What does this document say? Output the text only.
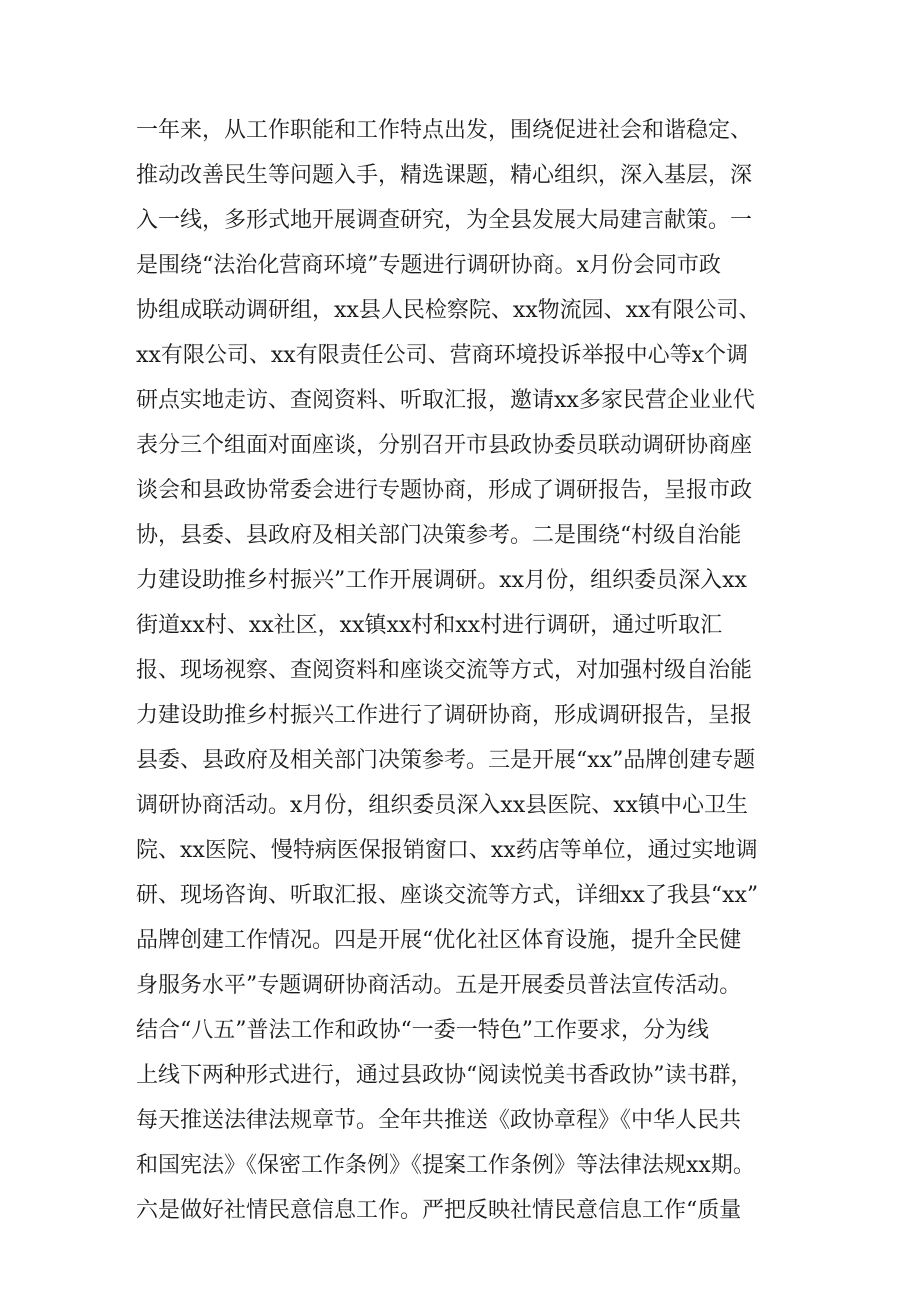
一年来，从工作职能和工作特点出发，围绕促进社会和谐稳定、
推动改善民生等问题入手，精选课题，精心组织，深入基层，深
入一线，多形式地开展调查研究，为全县发展大局建言献策。一
是围绕“法治化营商环境”专题进行调研协商。x月份会同市政
协组成联动调研组，xx县人民检察院、xx物流园、xx有限公司、
xx有限公司、xx有限责任公司、营商环境投诉举报中心等x个调
研点实地走访、查阅资料、听取汇报，邀请xx多家民营企业业代
表分三个组面对面座谈，分别召开市县政协委员联动调研协商座
谈会和县政协常委会进行专题协商，形成了调研报告，呈报市政
协，县委、县政府及相关部门决策参考。二是围绕“村级自治能
力建设助推乡村振兴”工作开展调研。xx月份，组织委员深入xx
街道xx村、xx社区，xx镇xx村和xx村进行调研，通过听取汇
报、现场视察、查阅资料和座谈交流等方式，对加强村级自治能
力建设助推乡村振兴工作进行了调研协商，形成调研报告，呈报
县委、县政府及相关部门决策参考。三是开展“xx”品牌创建专题
调研协商活动。x月份，组织委员深入xx县医院、xx镇中心卫生
院、xx医院、慢特病医保报销窗口、xx药店等单位，通过实地调
研、现场咨询、听取汇报、座谈交流等方式，详细xx了我县“xx”
品牌创建工作情况。四是开展“优化社区体育设施，提升全民健
身服务水平”专题调研协商活动。五是开展委员普法宣传活动。
结合“八五”普法工作和政协“一委一特色”工作要求，分为线
上线下两种形式进行，通过县政协“阅读悦美书香政协”读书群，
每天推送法律法规章节。全年共推送《政协章程》《中华人民共
和国宪法》《保密工作条例》《提案工作条例》等法律法规xx期。
六是做好社情民意信息工作。严把反映社情民意信息工作“质量
